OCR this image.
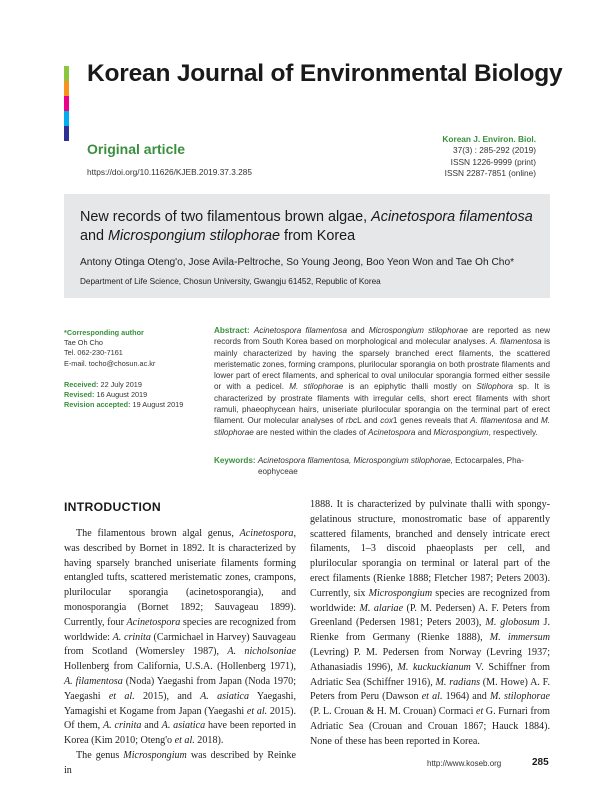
Korean Journal of Environmental Biology
Original article
https://doi.org/10.11626/KJEB.2019.37.3.285
Korean J. Environ. Biol.
37(3) : 285-292 (2019)
ISSN 1226-9999 (print)
ISSN 2287-7851 (online)
New records of two filamentous brown algae, Acinetospora filamentosa and Microspongium stilophorae from Korea
Antony Otinga Oteng'o, Jose Avila-Peltroche, So Young Jeong, Boo Yeon Won and Tae Oh Cho*
Department of Life Science, Chosun University, Gwangju 61452, Republic of Korea
*Corresponding author
Tae Oh Cho
Tel. 062-230-7161
E-mail. tocho@chosun.ac.kr
Received: 22 July 2019
Revised: 16 August 2019
Revision accepted: 19 August 2019
Abstract: Acinetospora filamentosa and Microspongium stilophorae are reported as new records from South Korea based on morphological and molecular analyses. A. filamentosa is mainly characterized by having the sparsely branched erect filaments, the scattered meristematic zones, forming crampons, plurilocular sporangia on both prostrate filaments and lower part of erect filaments, and spherical to oval unilocular sporangia formed either sessile or with a pedicel. M. stilophorae is an epiphytic thalli mostly on Stilophora sp. It is characterized by prostrate filaments with irregular cells, short erect filaments with short ramuli, phaeophycean hairs, uniseriate plurilocular sporangia on the terminal part of erect filament. Our molecular analyses of rbcL and cox1 genes reveals that A. filamentosa and M. stilophorae are nested within the clades of Acinetospora and Microspongium, respectively.
Keywords: Acinetospora filamentosa, Microspongium stilophorae, Ectocarpales, Pha-
eophyceae
INTRODUCTION

The filamentous brown algal genus, Acinetospora, was described by Bornet in 1892. It is characterized by having sparsely branched uniseriate filaments forming entangled tufts, scattered meristematic zones, crampons, plurilocular sporangia (acinetosporangia), and monosporangia (Bornet 1892; Sauvageau 1899). Currently, four Acinetospora species are recognized from worldwide: A. crinita (Carmichael in Harvey) Sauvageau from Scotland (Womersley 1987), A. nicholsoniae Hollenberg from California, U.S.A. (Hollenberg 1971), A. filamentosa (Noda) Yaegashi from Japan (Noda 1970; Yaegashi et al. 2015), and A. asiatica Yaegashi, Yamagishi et Kogame from Japan (Yaegashi et al. 2015). Of them, A. crinita and A. asiatica have been reported in Korea (Kim 2010; Oteng'o et al. 2018).

The genus Microspongium was described by Reinke in

1888. It is characterized by pulvinate thalli with spongy-gelatinous structure, monostromatic base of apparently scattered filaments, branched and densely intricate erect filaments, 1–3 discoid phaeoplasts per cell, and plurilocular sporangia on terminal or lateral part of the erect filaments (Rienke 1888; Fletcher 1987; Peters 2003). Currently, six Microspongium species are recognized from worldwide: M. alariae (P. M. Pedersen) A. F. Peters from Greenland (Pedersen 1981; Peters 2003), M. globosum J. Rienke from Germany (Rienke 1888), M. immersum (Levring) P. M. Pedersen from Norway (Levring 1937; Athanasiadis 1996), M. kuckuckianum V. Schiffner from Adriatic Sea (Schiffner 1916), M. radians (M. Howe) A. F. Peters from Peru (Dawson et al. 1964) and M. stilophorae (P. L. Crouan & H. M. Crouan) Cormaci et G. Furnari from Adriatic Sea (Crouan and Crouan 1867; Hauck 1884). None of these has been reported in Korea.

http://www.koseb.org	285
